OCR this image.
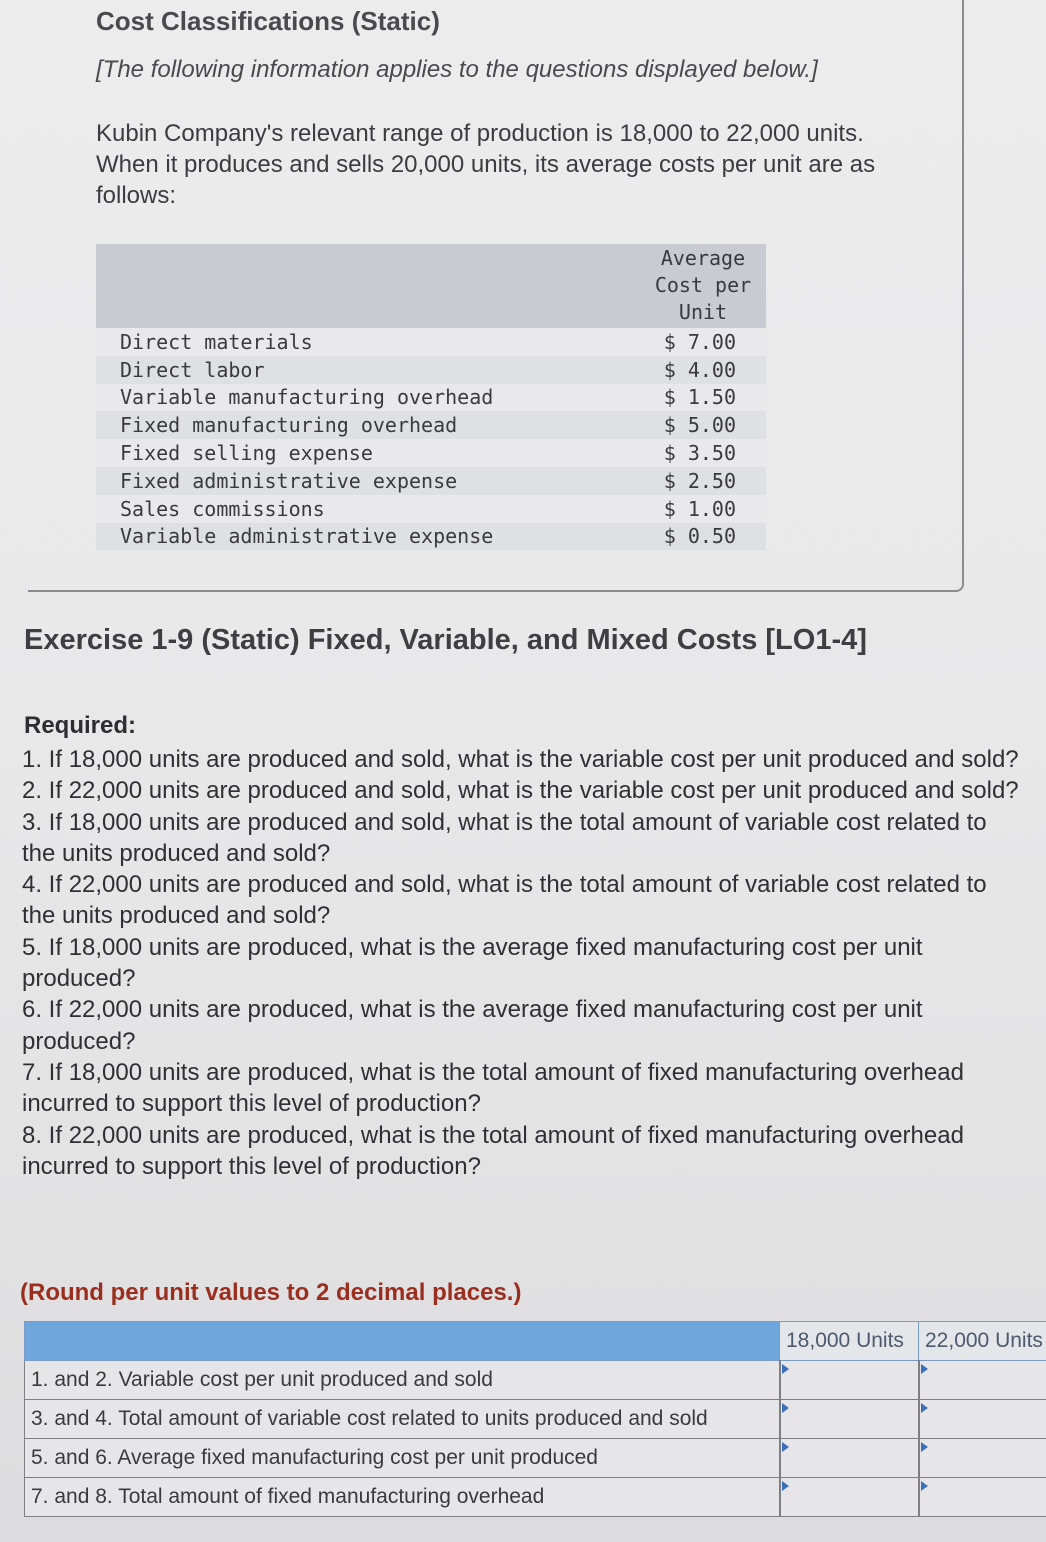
Cost Classifications (Static)

[The following information applies to the questions displayed below.]

Kubin Company's relevant range of production is 18,000 to 22,000 units. When it produces and sells 20,000 units, its average costs per unit are as follows:

	Average
Cost per
Unit

Direct materials	$ 7.00
Direct labor	$ 4.00
Variable manufacturing overhead	$ 1.50
Fixed manufacturing overhead	$ 5.00
Fixed selling expense	$ 3.50
Fixed administrative expense	$ 2.50
Sales commissions	$ 1.00
Variable administrative expense	$ 0.50
Exercise 1-9 (Static) Fixed, Variable, and Mixed Costs [LO1-4]
Required:
1. If 18,000 units are produced and sold, what is the variable cost per unit produced and sold?
2. If 22,000 units are produced and sold, what is the variable cost per unit produced and sold?
3. If 18,000 units are produced and sold, what is the total amount of variable cost related to the units produced and sold?
4. If 22,000 units are produced and sold, what is the total amount of variable cost related to the units produced and sold?
5. If 18,000 units are produced, what is the average fixed manufacturing cost per unit produced?
6. If 22,000 units are produced, what is the average fixed manufacturing cost per unit produced?
7. If 18,000 units are produced, what is the total amount of fixed manufacturing overhead incurred to support this level of production?
8. If 22,000 units are produced, what is the total amount of fixed manufacturing overhead incurred to support this level of production?

(Round per unit values to 2 decimal places.)

	18,000 Units	22,000 Units
1. and 2. Variable cost per unit produced and sold	

3. and 4. Total amount of variable cost related to units produced and sold	

5. and 6. Average fixed manufacturing cost per unit produced	

7. and 8. Total amount of fixed manufacturing overhead	
